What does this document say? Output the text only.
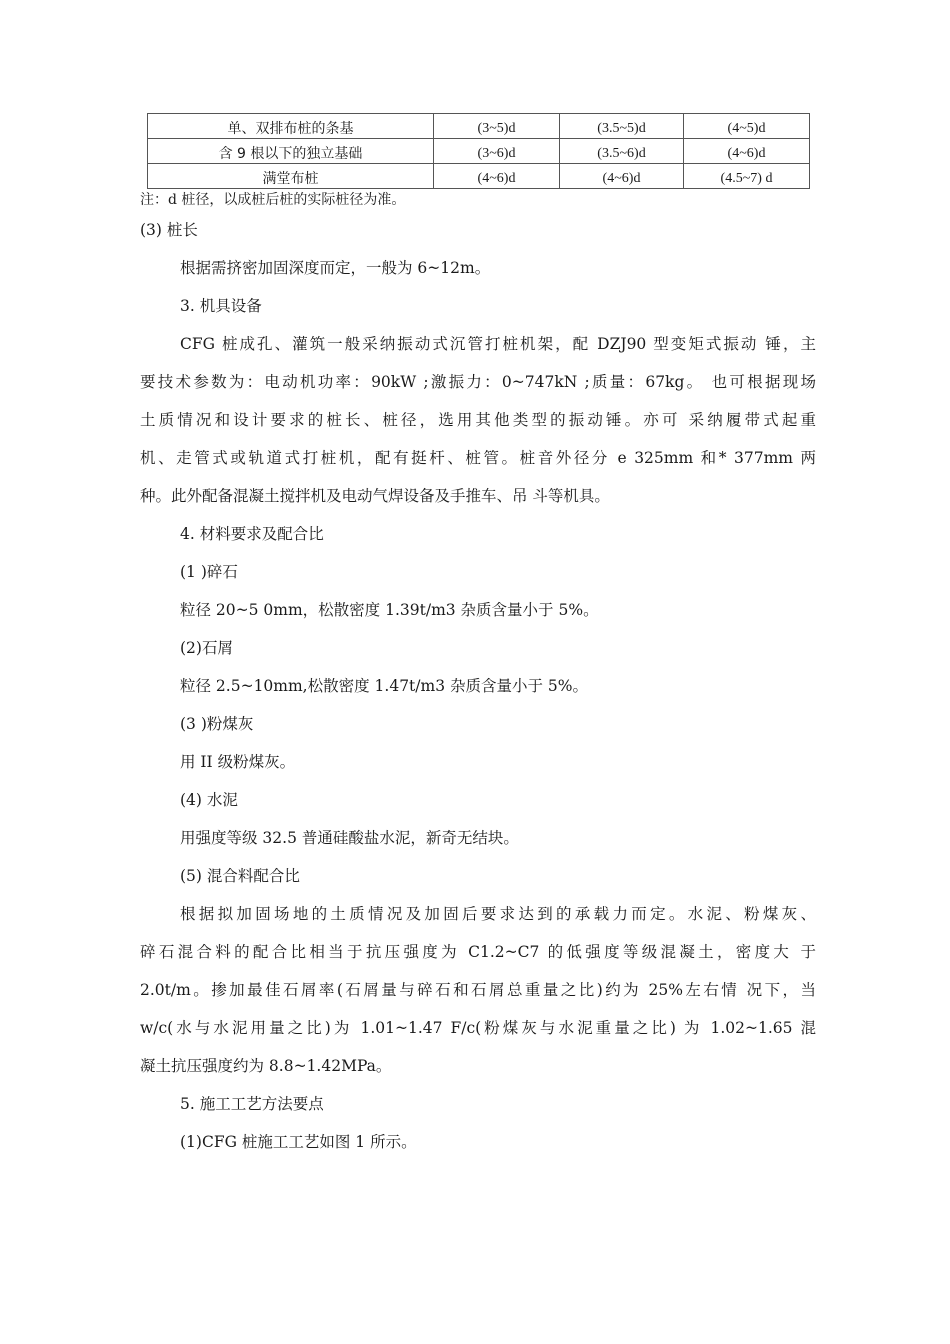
单、双排布桩的条基	(3~5)d	(3.5~5)d	(4~5)d
含 9 根以下的独立基础	(3~6)d	(3.5~6)d	(4~6)d
满堂布桩	(4~6)d	(4~6)d	(4.5~7) d
注：d 桩径，以成桩后桩的实际桩径为准。
(3) 桩长
根据需挤密加固深度而定，一般为 6~12m。
3. 机具设备
CFG 桩成孔、灌筑一般采纳振动式沉管打桩机架，配 DZJ90 型变矩式振动 锤，主
要技术参数为：电动机功率：90kW ;激振力：0~747kN ;质量：67kg。 也可根据现场
土质情况和设计要求的桩长、桩径，选用其他类型的振动锤。亦可 采纳履带式起重
机、走管式或轨道式打桩机，配有挺杆、桩管。桩音外径分 e 325mm 和* 377mm 两
种。此外配备混凝土搅拌机及电动气焊设备及手推车、吊 斗等机具。
4. 材料要求及配合比
(1 )碎石
粒径 20~5 0mm，松散密度 1.39t/m3 杂质含量小于 5%。
(2)石屑
粒径 2.5~10mm,松散密度 1.47t/m3 杂质含量小于 5%。
(3 )粉煤灰
用 II 级粉煤灰。
(4) 水泥
用强度等级 32.5 普通硅酸盐水泥，新奇无结块。
(5) 混合料配合比
根据拟加固场地的土质情况及加固后要求达到的承载力而定。水泥、粉煤灰、
碎石混合料的配合比相当于抗压强度为 C1.2~C7 的低强度等级混凝土，密度大 于
2.0t/m。掺加最佳石屑率(石屑量与碎石和石屑总重量之比)约为 25%左右情 况下，当
w/c(水与水泥用量之比)为 1.01~1.47 F/c(粉煤灰与水泥重量之比) 为 1.02~1.65 混
凝土抗压强度约为 8.8~1.42MPa。
5. 施工工艺方法要点
(1)CFG 桩施工工艺如图 1 所示。
